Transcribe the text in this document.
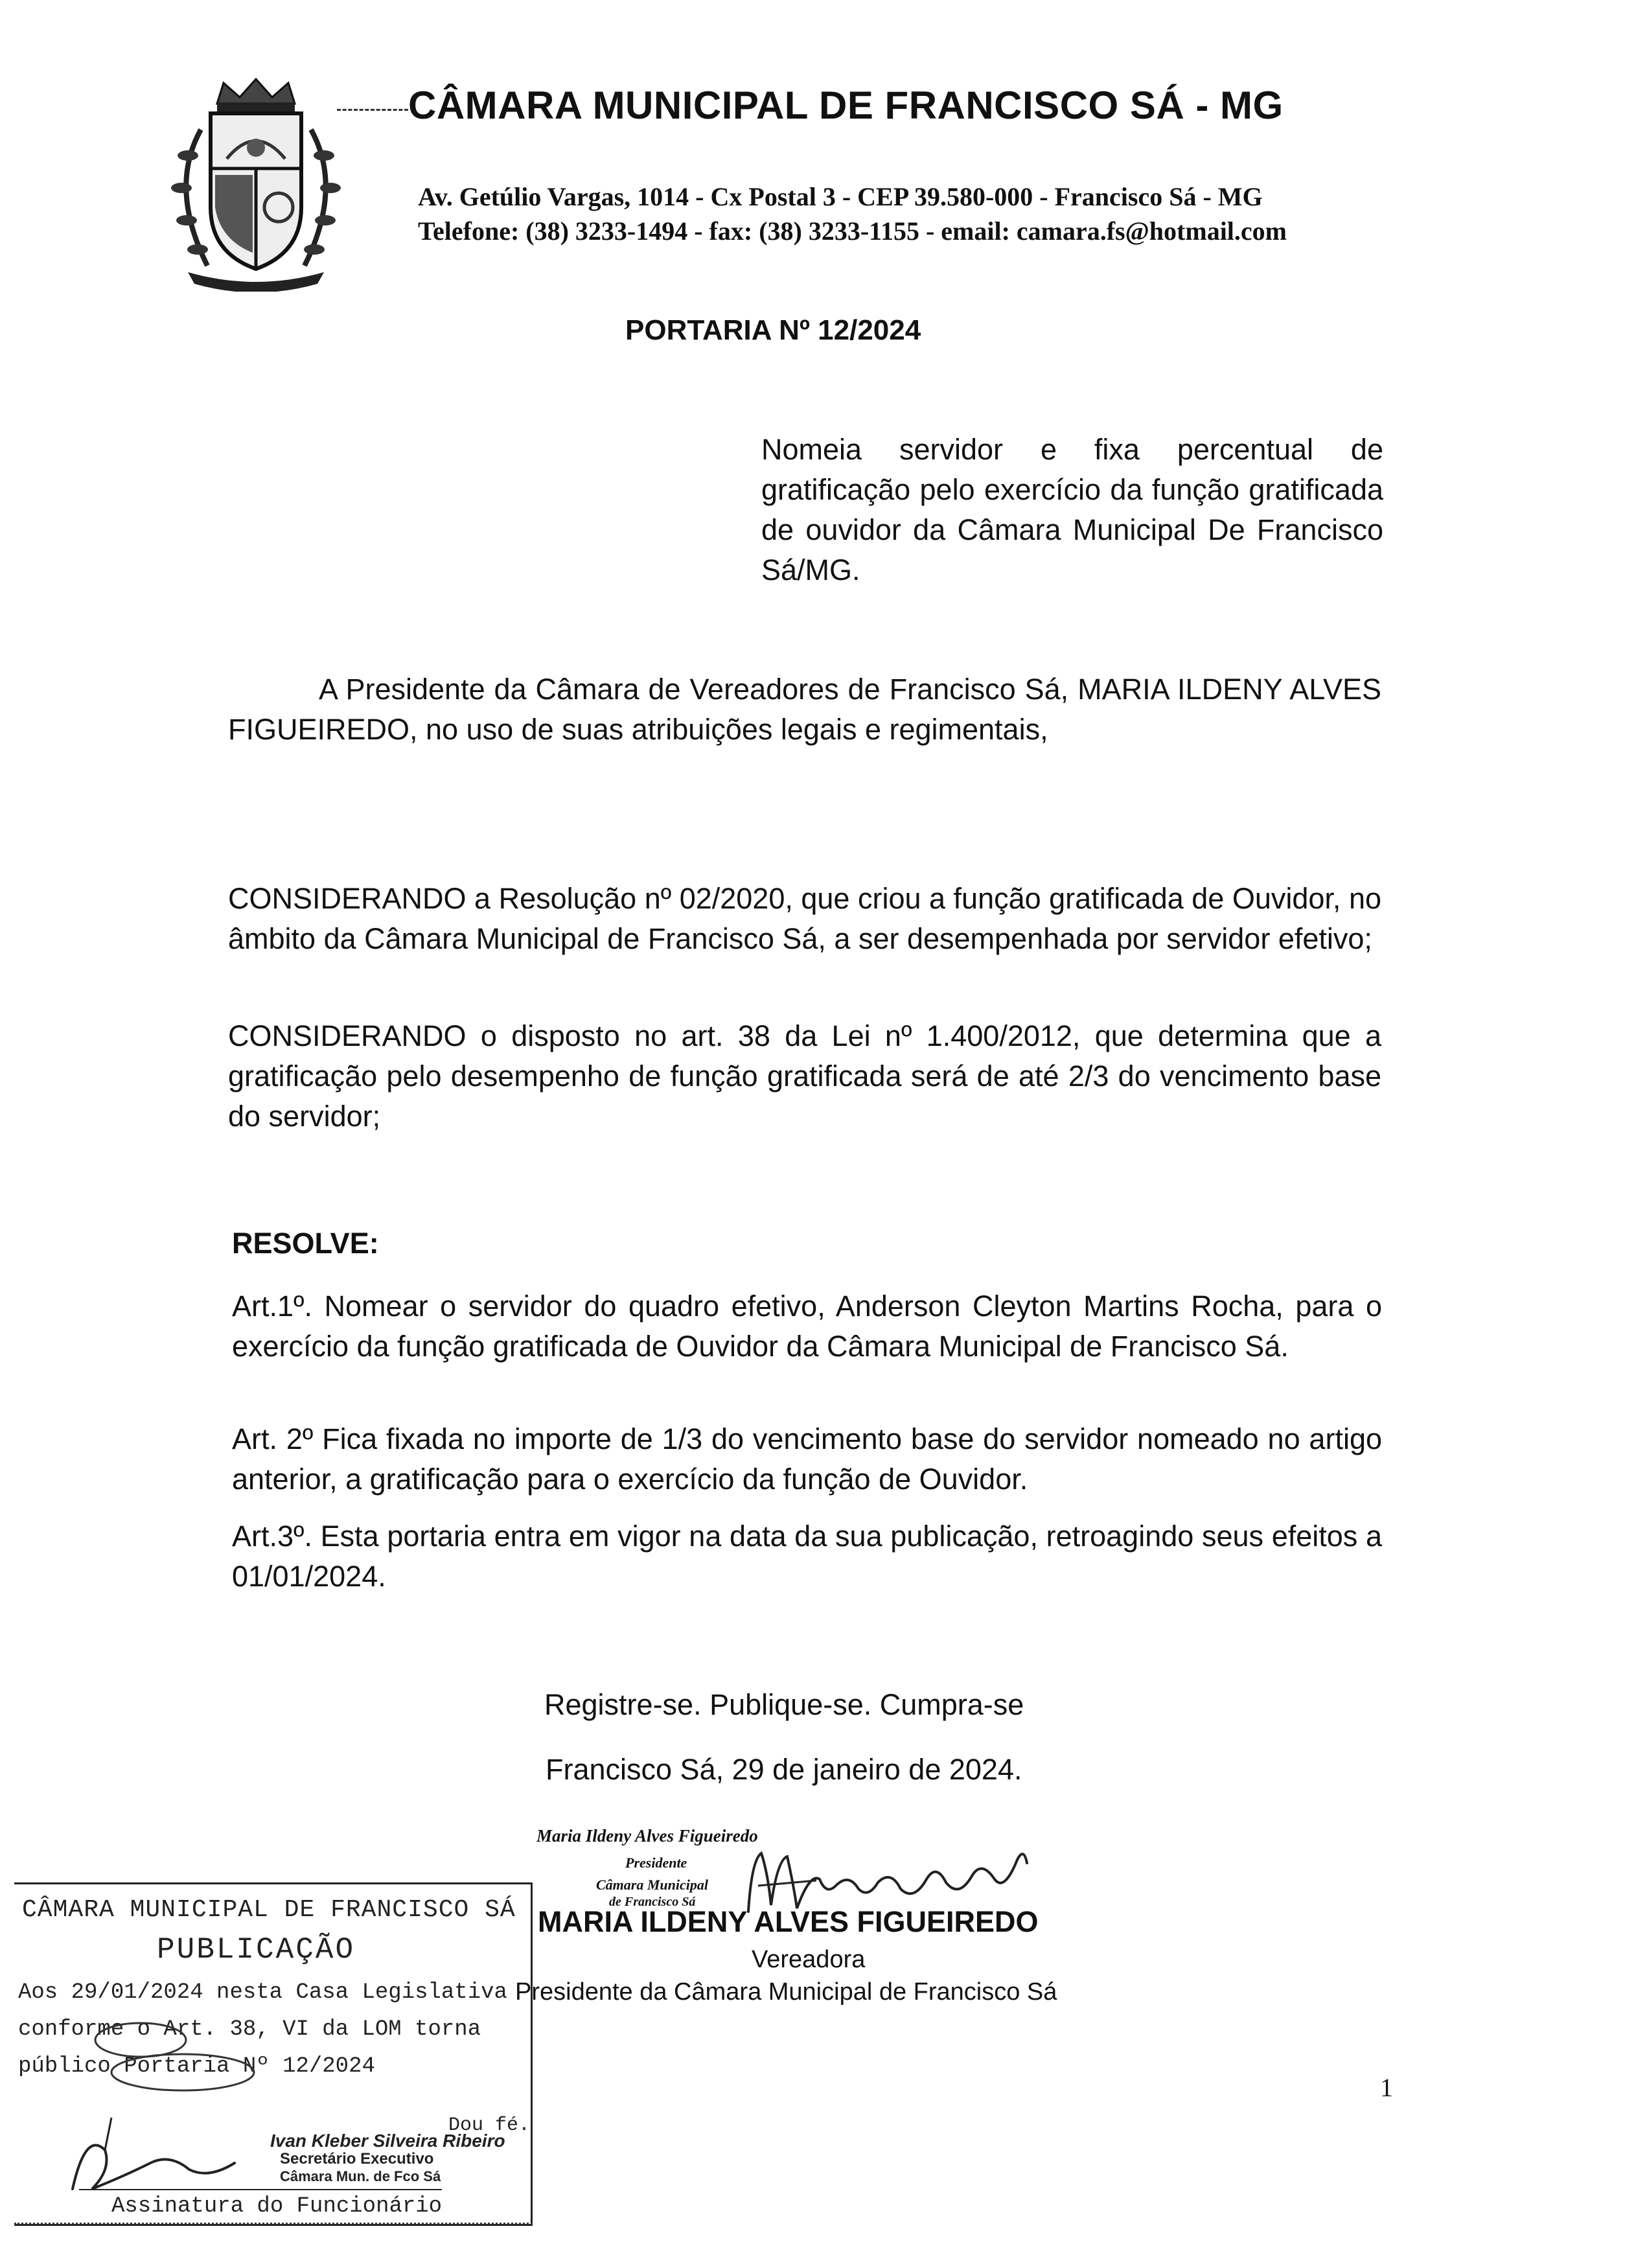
CÂMARA MUNICIPAL DE FRANCISCO SÁ - MG
Av. Getúlio Vargas, 1014 - Cx Postal 3 - CEP 39.580-000 - Francisco Sá - MG
Telefone: (38) 3233-1494 - fax: (38) 3233-1155 - email: camara.fs@hotmail.com
PORTARIA Nº 12/2024
Nomeia servidor e fixa percentual de gratificação pelo exercício da função gratificada de ouvidor da Câmara Municipal De Francisco Sá/MG.
A Presidente da Câmara de Vereadores de Francisco Sá, MARIA ILDENY ALVES FIGUEIREDO, no uso de suas atribuições legais e regimentais,
CONSIDERANDO a Resolução nº 02/2020, que criou a função gratificada de Ouvidor, no âmbito da Câmara Municipal de Francisco Sá, a ser desempenhada por servidor efetivo;
CONSIDERANDO o disposto no art. 38 da Lei nº 1.400/2012, que determina que a gratificação pelo desempenho de função gratificada será de até 2/3 do vencimento base do servidor;
RESOLVE:
Art.1º. Nomear o servidor do quadro efetivo, Anderson Cleyton Martins Rocha, para o exercício da função gratificada de Ouvidor da Câmara Municipal de Francisco Sá.
Art. 2º Fica fixada no importe de 1/3 do vencimento base do servidor nomeado no artigo anterior, a gratificação para o exercício da função de Ouvidor.
Art.3º. Esta portaria entra em vigor na data da sua publicação, retroagindo seus efeitos a 01/01/2024.
Registre-se. Publique-se. Cumpra-se
Francisco Sá, 29 de janeiro de 2024.
Maria Ildeny Alves Figueiredo
Presidente
Câmara Municipal
de Francisco Sá
MARIA ILDENY ALVES FIGUEIREDO
Vereadora
Presidente da Câmara Municipal de Francisco Sá
1
CÂMARA MUNICIPAL DE FRANCISCO SÁ
PUBLICAÇÃO
Aos 29/01/2024 nesta Casa Legislativa
conforme o Art. 38, VI da LOM torna
público Portaria Nº 12/2024
Dou fé.
Ivan Kleber Silveira Ribeiro
Secretário Executivo
Câmara Mun. de Fco Sá
Assinatura do Funcionário
